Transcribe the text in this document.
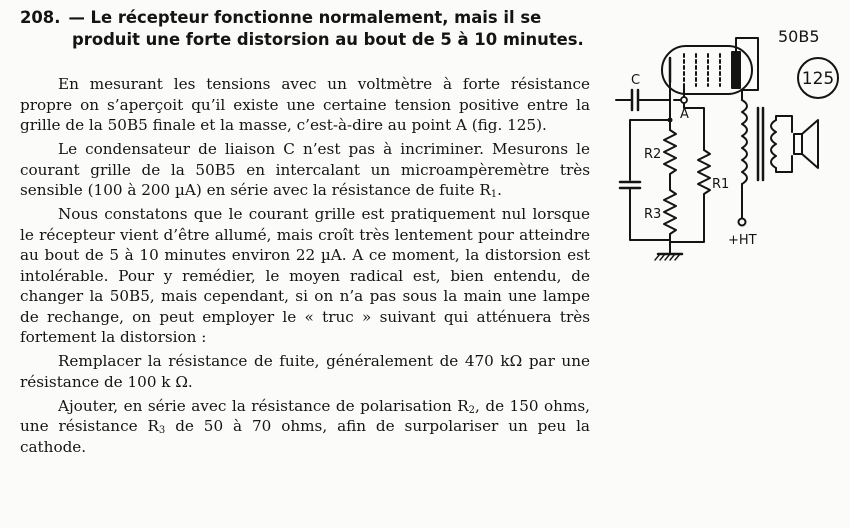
208. — Le récepteur fonctionne normalement, mais il se
produit une forte distorsion au bout de 5 à 10 minutes.

En mesurant les tensions avec un voltmètre à forte résistance propre on s’aperçoit qu’il existe une certaine tension positive entre la grille de la 50B5 finale et la masse, c’est-à-dire au point A (fig. 125).

Le condensateur de liaison C n’est pas à incriminer. Mesurons le courant grille de la 50B5 en intercalant un microampèremètre très sensible (100 à 200 µA) en série avec la résistance de fuite $R_1$.

Nous constatons que le courant grille est pratiquement nul lorsque le récepteur vient d’être allumé, mais croît très lentement pour atteindre au bout de 5 à 10 minutes environ 22 µA. A ce moment, la distorsion est intolérable. Pour y remédier, le moyen radical est, bien entendu, de changer la 50B5, mais cependant, si on n’a pas sous la main une lampe de rechange, on peut employer le « truc » suivant qui atténuera très fortement la distorsion :

Remplacer la résistance de fuite, généralement de 470 kΩ par une résistance de 100 k Ω.

Ajouter, en série avec la résistance de polarisation $R_2$, de 150 ohms, une résistance $R_3$ de 50 à 70 ohms, afin de surpolariser un peu la cathode.

50B5
125
C
A
R2
R3
R1
+HT
